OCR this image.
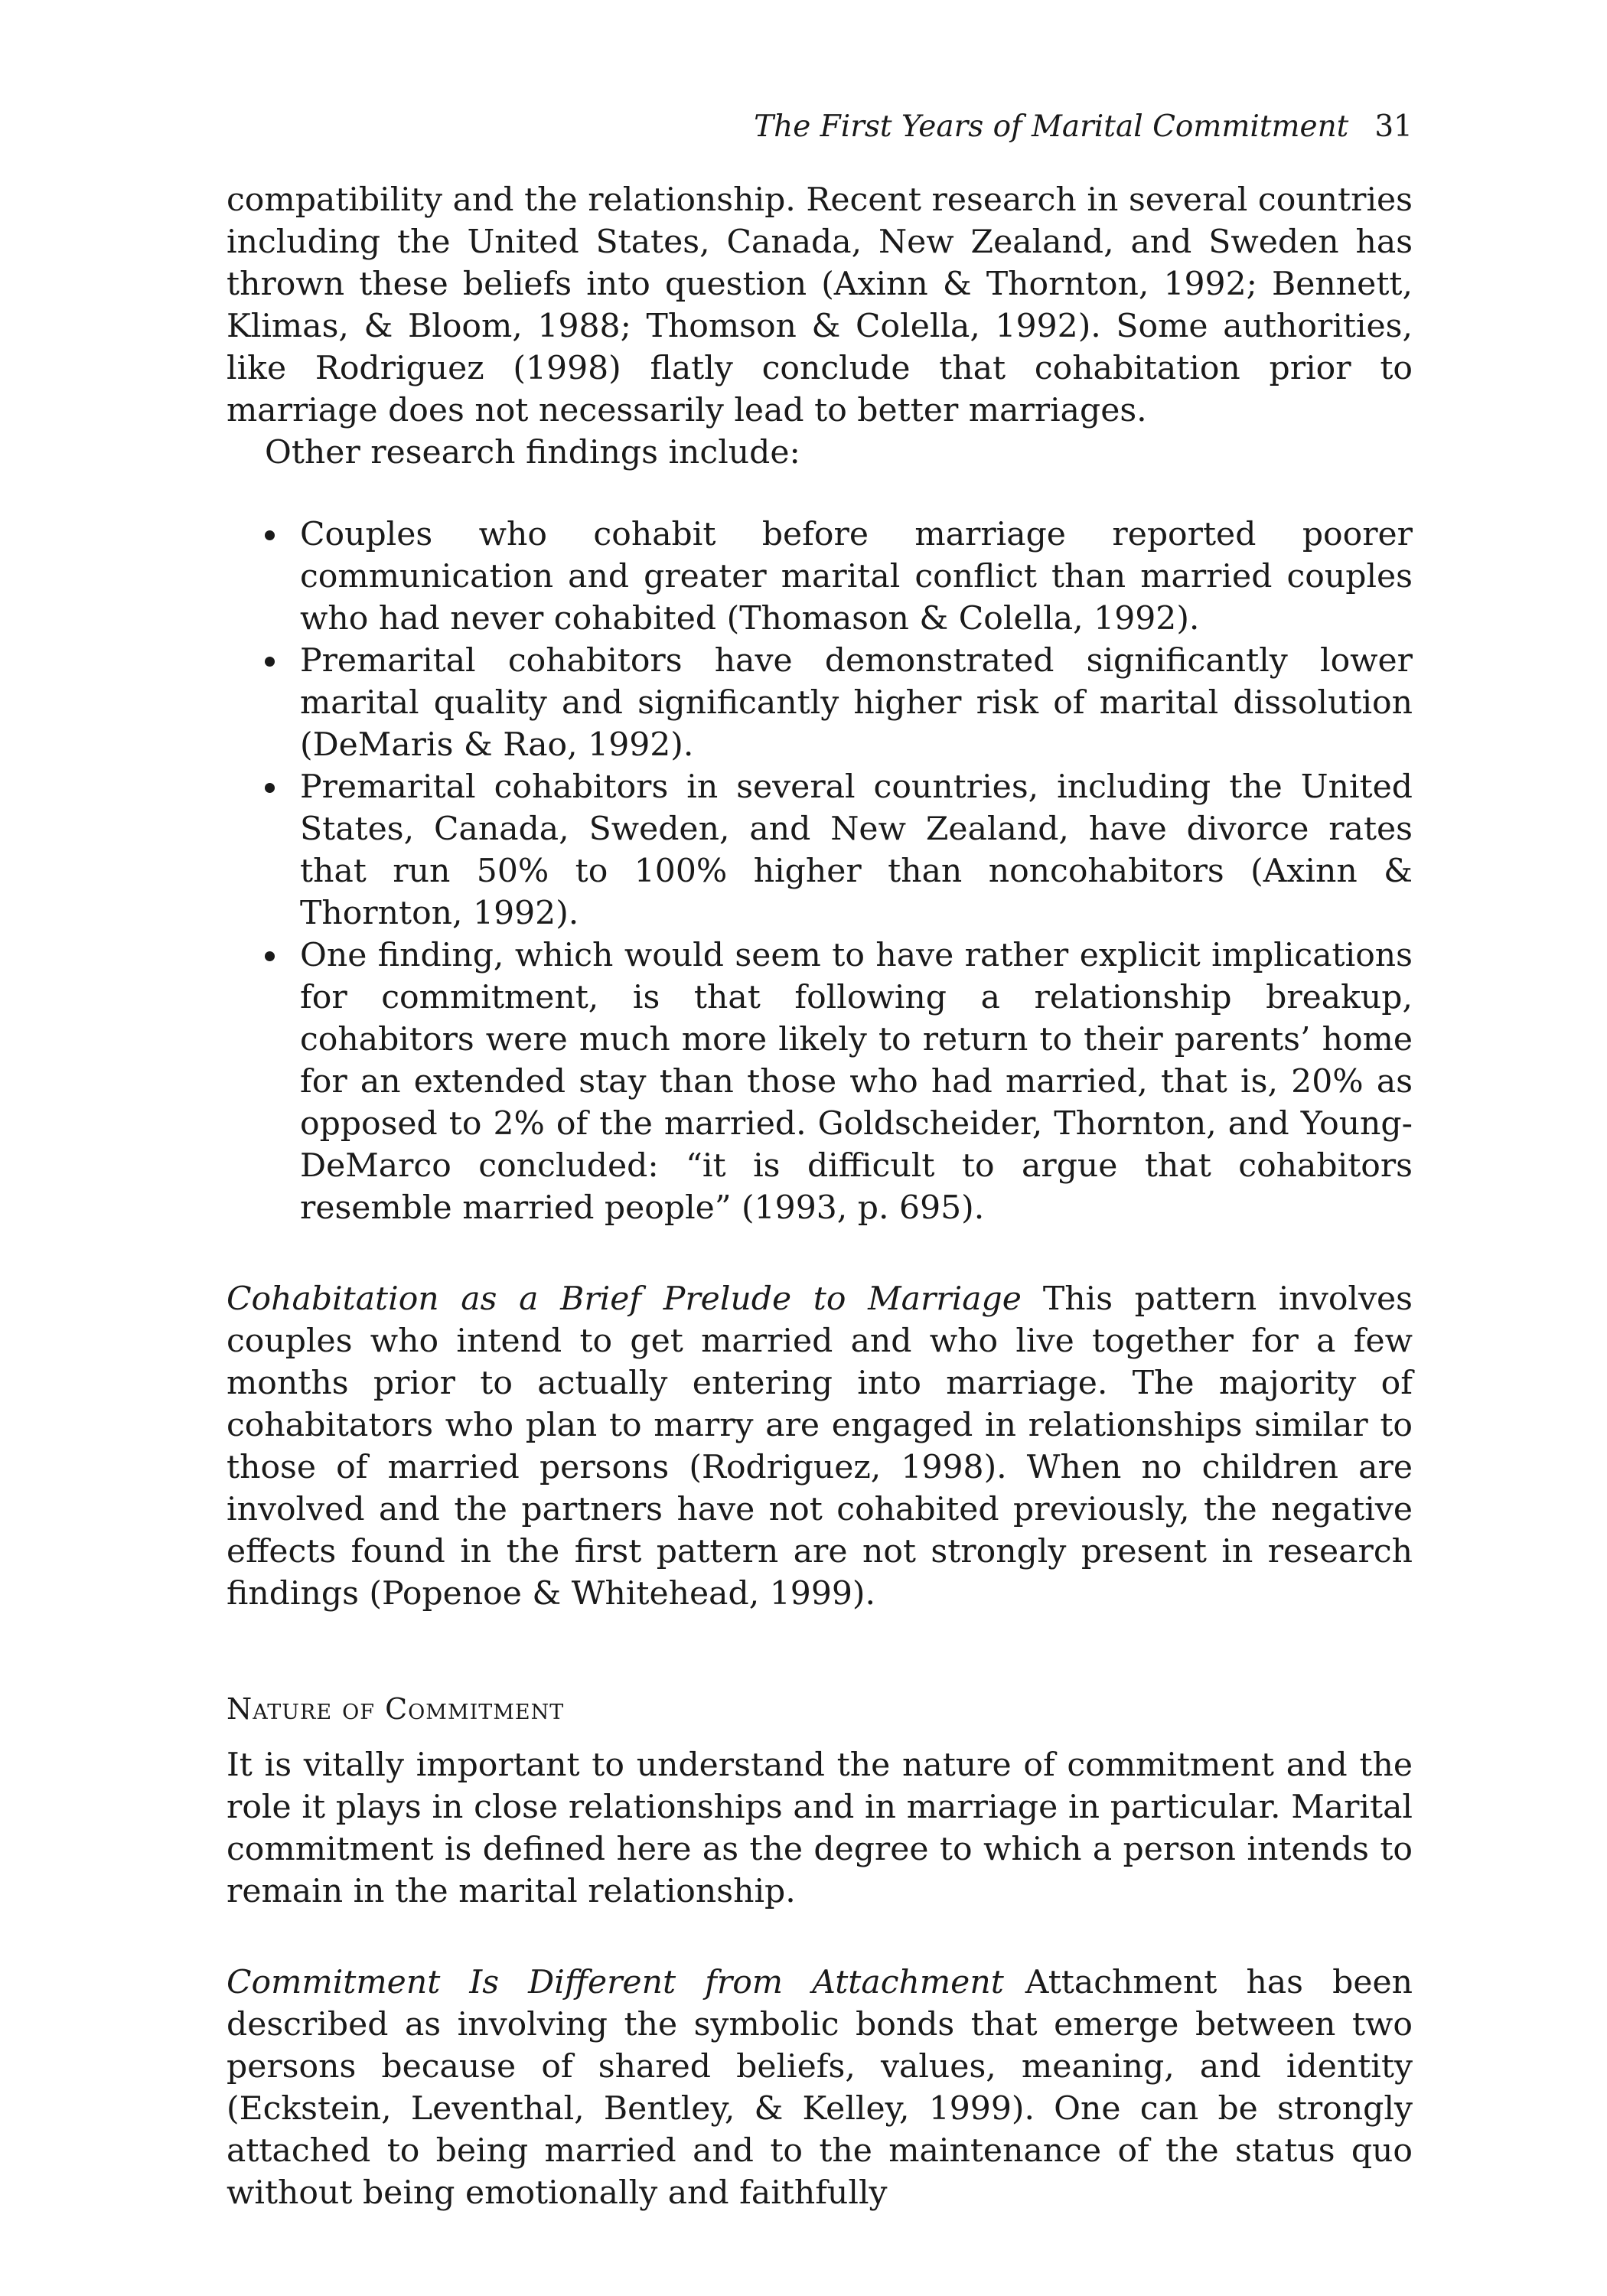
The First Years of Marital Commitment 31

compatibility and the relationship. Recent research in several countries including the United States, Canada, New Zealand, and Sweden has thrown these beliefs into question (Axinn & Thornton, 1992; Bennett, Klimas, & Bloom, 1988; Thomson & Colella, 1992). Some authorities, like Rodriguez (1998) flatly conclude that cohabitation prior to marriage does not necessarily lead to better marriages.

Other research findings include:

Couples who cohabit before marriage reported poorer communication and greater marital conflict than married couples who had never cohabited (Thomason & Colella, 1992).
Premarital cohabitors have demonstrated significantly lower marital quality and significantly higher risk of marital dissolution (DeMaris & Rao, 1992).
Premarital cohabitors in several countries, including the United States, Canada, Sweden, and New Zealand, have divorce rates that run 50% to 100% higher than noncohabitors (Axinn & Thornton, 1992).
One finding, which would seem to have rather explicit implications for commitment, is that following a relationship breakup, cohabitors were much more likely to return to their parents’ home for an extended stay than those who had married, that is, 20% as opposed to 2% of the married. Goldscheider, Thornton, and Young-DeMarco concluded: “it is difficult to argue that cohabitors resemble married people” (1993, p. 695).

Cohabitation as a Brief Prelude to Marriage This pattern involves couples who intend to get married and who live together for a few months prior to actually entering into marriage. The majority of cohabitators who plan to marry are engaged in relationships similar to those of married persons (Rodriguez, 1998). When no children are involved and the partners have not cohabited previously, the negative effects found in the first pattern are not strongly present in research findings (Popenoe & Whitehead, 1999).

Nature of Commitment

It is vitally important to understand the nature of commitment and the role it plays in close relationships and in marriage in particular. Marital commitment is defined here as the degree to which a person intends to remain in the marital relationship.

Commitment Is Different from Attachment Attachment has been described as involving the symbolic bonds that emerge between two persons because of shared beliefs, values, meaning, and identity (Eckstein, Leventhal, Bentley, & Kelley, 1999). One can be strongly attached to being married and to the maintenance of the status quo without being emotionally and faithfully
